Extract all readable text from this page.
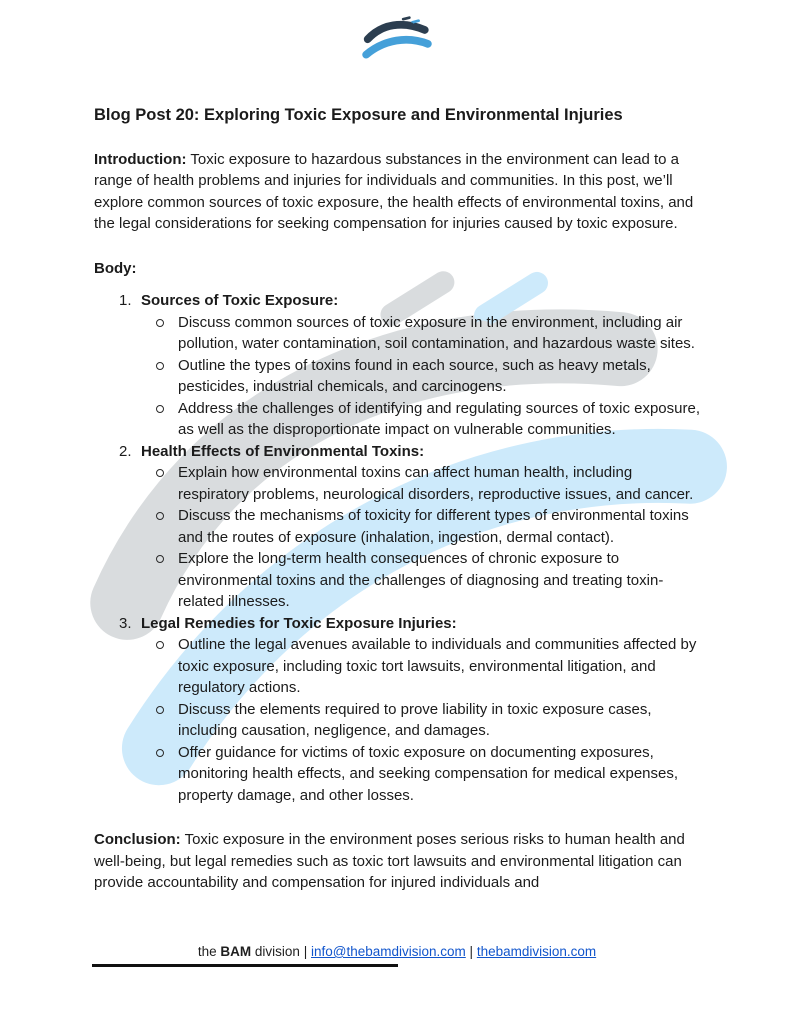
Blog Post 20: Exploring Toxic Exposure and Environmental Injuries

Introduction: Toxic exposure to hazardous substances in the environment can lead to a range of health problems and injuries for individuals and communities. In this post, we’ll explore common sources of toxic exposure, the health effects of environmental toxins, and the legal considerations for seeking compensation for injuries caused by toxic exposure.

Body:

1. Sources of Toxic Exposure:
Discuss common sources of toxic exposure in the environment, including air pollution, water contamination, soil contamination, and hazardous waste sites.
Outline the types of toxins found in each source, such as heavy metals, pesticides, industrial chemicals, and carcinogens.
Address the challenges of identifying and regulating sources of toxic exposure, as well as the disproportionate impact on vulnerable communities.
2. Health Effects of Environmental Toxins:
Explain how environmental toxins can affect human health, including respiratory problems, neurological disorders, reproductive issues, and cancer.
Discuss the mechanisms of toxicity for different types of environmental toxins and the routes of exposure (inhalation, ingestion, dermal contact).
Explore the long-term health consequences of chronic exposure to environmental toxins and the challenges of diagnosing and treating toxin-related illnesses.
3. Legal Remedies for Toxic Exposure Injuries:
Outline the legal avenues available to individuals and communities affected by toxic exposure, including toxic tort lawsuits, environmental litigation, and regulatory actions.
Discuss the elements required to prove liability in toxic exposure cases, including causation, negligence, and damages.
Offer guidance for victims of toxic exposure on documenting exposures, monitoring health effects, and seeking compensation for medical expenses, property damage, and other losses.

Conclusion: Toxic exposure in the environment poses serious risks to human health and well-being, but legal remedies such as toxic tort lawsuits and environmental litigation can provide accountability and compensation for injured individuals and

the BAM division | info@thebamdivision.com | thebamdivision.com
